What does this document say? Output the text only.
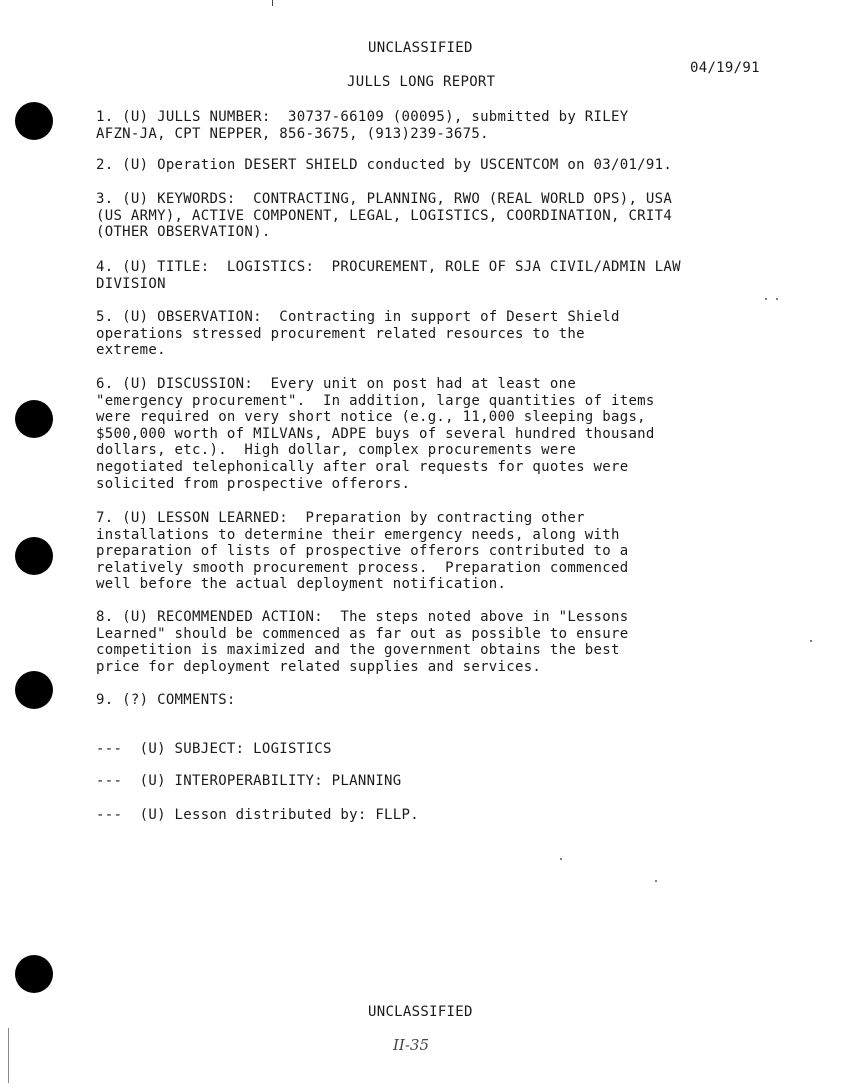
UNCLASSIFIED
04/19/91
JULLS LONG REPORT
1. (U) JULLS NUMBER:  30737-66109 (00095), submitted by RILEY
AFZN-JA, CPT NEPPER, 856-3675, (913)239-3675.
2. (U) Operation DESERT SHIELD conducted by USCENTCOM on 03/01/91.
3. (U) KEYWORDS:  CONTRACTING, PLANNING, RWO (REAL WORLD OPS), USA
(US ARMY), ACTIVE COMPONENT, LEGAL, LOGISTICS, COORDINATION, CRIT4
(OTHER OBSERVATION).
4. (U) TITLE:  LOGISTICS:  PROCUREMENT, ROLE OF SJA CIVIL/ADMIN LAW
DIVISION
5. (U) OBSERVATION:  Contracting in support of Desert Shield
operations stressed procurement related resources to the
extreme.
6. (U) DISCUSSION:  Every unit on post had at least one
"emergency procurement".  In addition, large quantities of items
were required on very short notice (e.g., 11,000 sleeping bags,
$500,000 worth of MILVANs, ADPE buys of several hundred thousand
dollars, etc.).  High dollar, complex procurements were
negotiated telephonically after oral requests for quotes were
solicited from prospective offerors.
7. (U) LESSON LEARNED:  Preparation by contracting other
installations to determine their emergency needs, along with
preparation of lists of prospective offerors contributed to a
relatively smooth procurement process.  Preparation commenced
well before the actual deployment notification.
8. (U) RECOMMENDED ACTION:  The steps noted above in "Lessons
Learned" should be commenced as far out as possible to ensure
competition is maximized and the government obtains the best
price for deployment related supplies and services.
9. (?) COMMENTS:
---  (U) SUBJECT: LOGISTICS
---  (U) INTEROPERABILITY: PLANNING
---  (U) Lesson distributed by: FLLP.
UNCLASSIFIED
II-35
